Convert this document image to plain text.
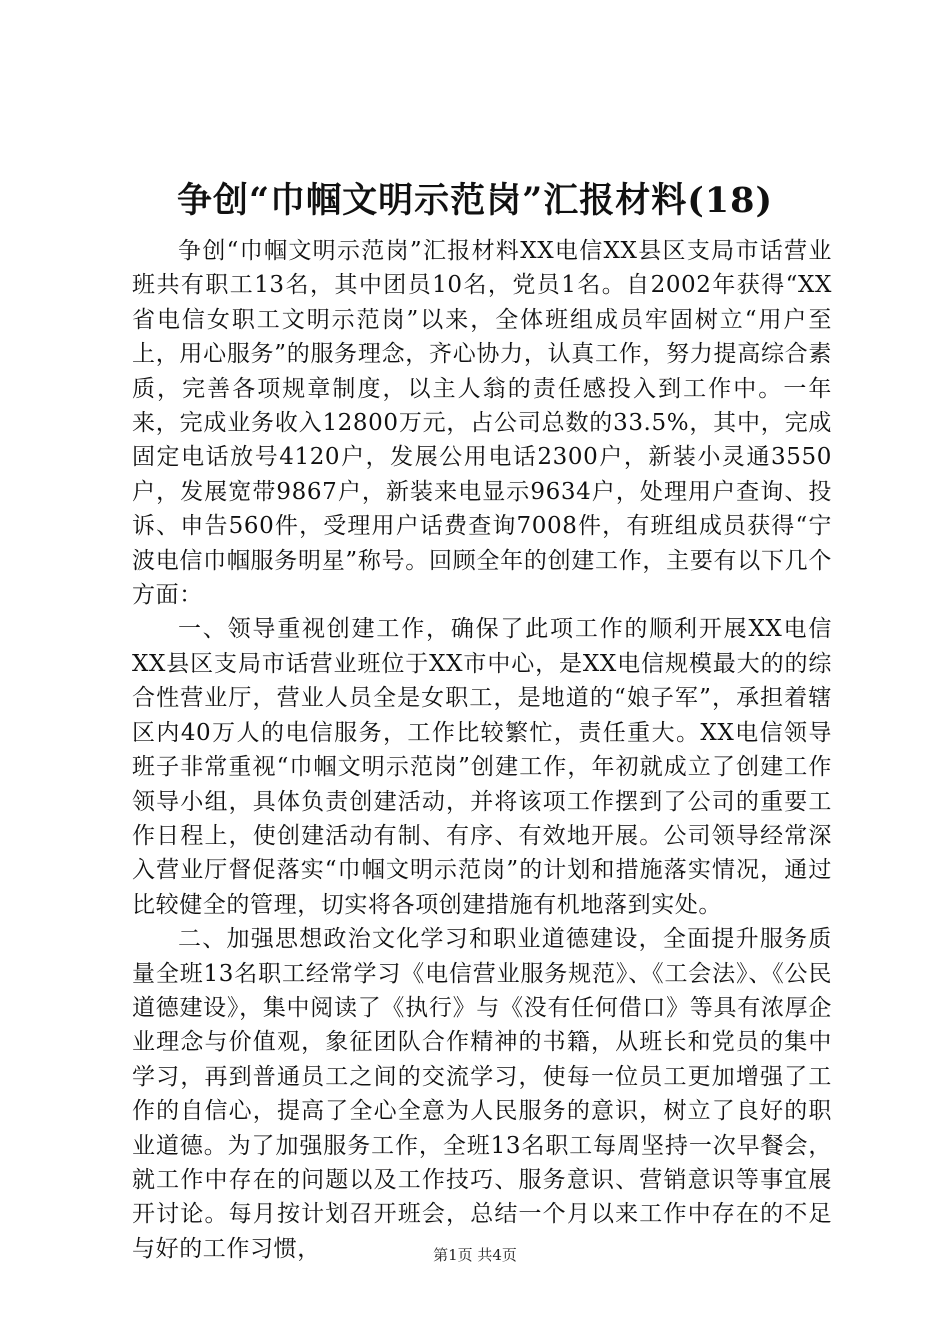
争创“巾帼文明示范岗”汇报材料(18)

争创“巾帼文明示范岗”汇报材料XX电信XX县区支局市话营业班共有职工13名，其中团员10名，党员1名。自2002年获得“XX省电信女职工文明示范岗”以来，全体班组成员牢固树立“用户至上，用心服务”的服务理念，齐心协力，认真工作，努力提高综合素质，完善各项规章制度，以主人翁的责任感投入到工作中。一年来，完成业务收入12800万元，占公司总数的33.5%，其中，完成固定电话放号4120户，发展公用电话2300户，新装小灵通3550户，发展宽带9867户，新装来电显示9634户，处理用户查询、投诉、申告560件，受理用户话费查询7008件，有班组成员获得“宁波电信巾帼服务明星”称号。回顾全年的创建工作，主要有以下几个方面：

一、领导重视创建工作，确保了此项工作的顺利开展XX电信XX县区支局市话营业班位于XX市中心，是XX电信规模最大的的综合性营业厅，营业人员全是女职工，是地道的“娘子军”，承担着辖区内40万人的电信服务，工作比较繁忙，责任重大。XX电信领导班子非常重视“巾帼文明示范岗”创建工作，年初就成立了创建工作领导小组，具体负责创建活动，并将该项工作摆到了公司的重要工作日程上，使创建活动有制、有序、有效地开展。公司领导经常深入营业厅督促落实“巾帼文明示范岗”的计划和措施落实情况，通过比较健全的管理，切实将各项创建措施有机地落到实处。

二、加强思想政治文化学习和职业道德建设，全面提升服务质量全班13名职工经常学习《电信营业服务规范》、《工会法》、《公民道德建设》，集中阅读了《执行》与《没有任何借口》等具有浓厚企业理念与价值观，象征团队合作精神的书籍，从班长和党员的集中学习，再到普通员工之间的交流学习，使每一位员工更加增强了工作的自信心，提高了全心全意为人民服务的意识，树立了良好的职业道德。为了加强服务工作，全班13名职工每周坚持一次早餐会，就工作中存在的问题以及工作技巧、服务意识、营销意识等事宜展开讨论。每月按计划召开班会，总结一个月以来工作中存在的不足与好的工作习惯，	第1页 共4页
